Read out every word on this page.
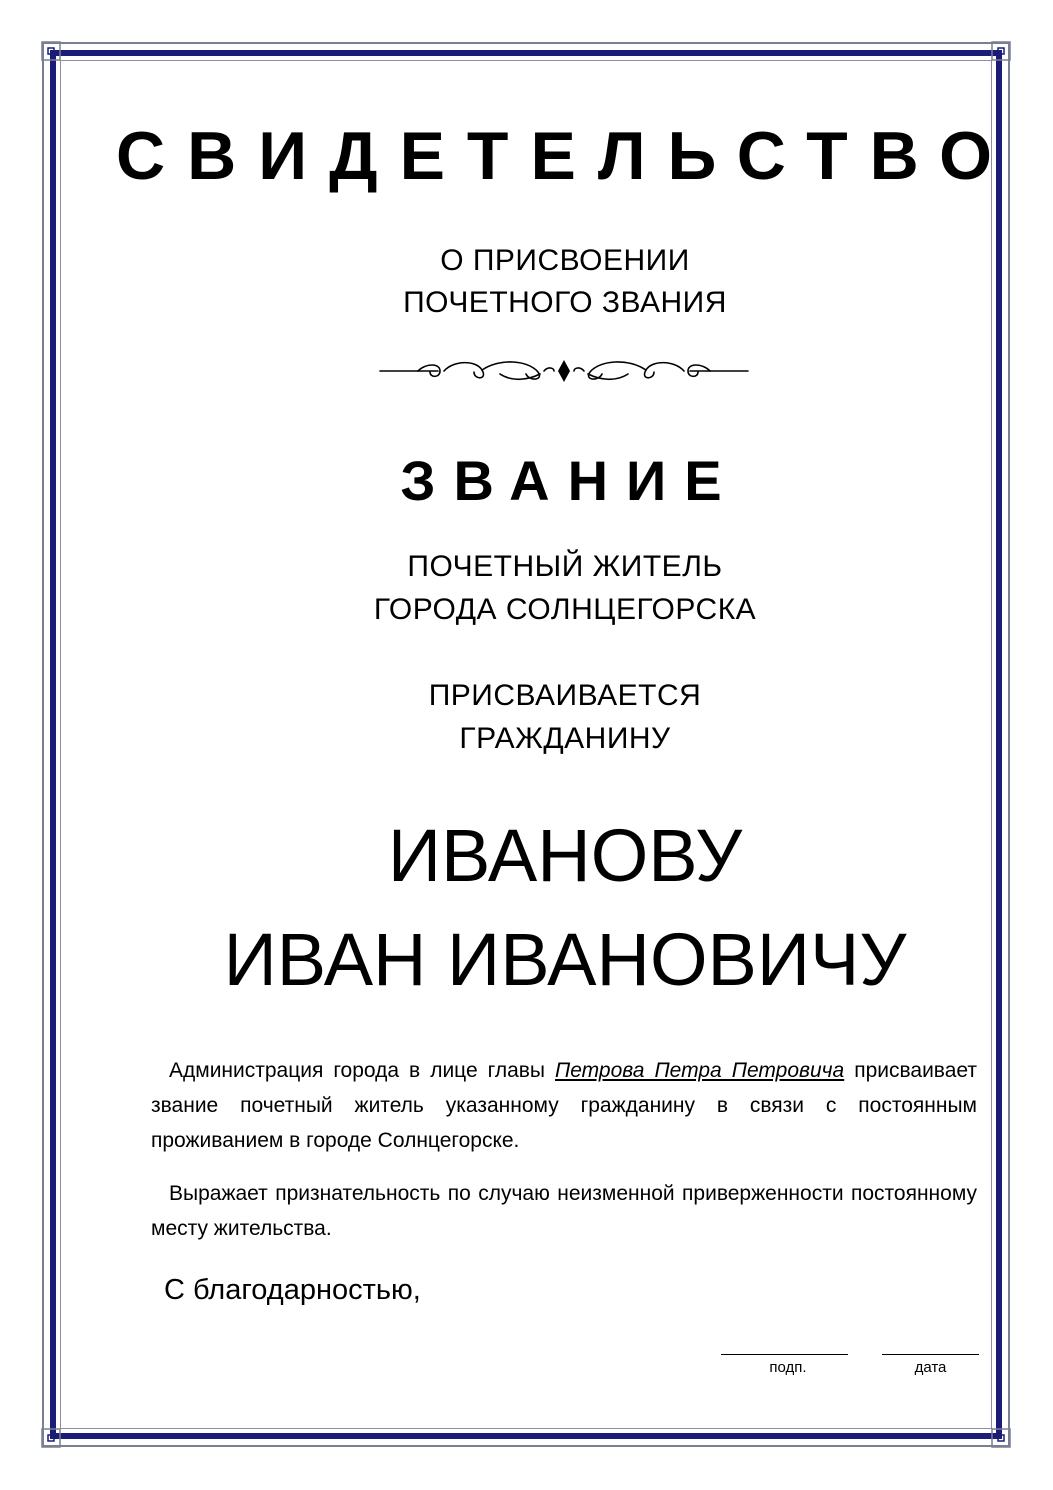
СВИДЕТЕЛЬСТВО
О ПРИСВОЕНИИ
ПОЧЕТНОГО ЗВАНИЯ
ЗВАНИЕ
ПОЧЕТНЫЙ ЖИТЕЛЬ
ГОРОДА СОЛНЦЕГОРСКА
ПРИСВАИВАЕТСЯ
ГРАЖДАНИНУ
ИВАНОВУ
ИВАН ИВАНОВИЧУ
Администрация города в лице главы Петрова Петра Петровича присваивает звание почетный житель указанному гражданину в связи с постоянным проживанием в городе Солнцегорске.
Выражает признательность по случаю неизменной приверженности постоянному месту жительства.
С благодарностью,
подп.	дата
